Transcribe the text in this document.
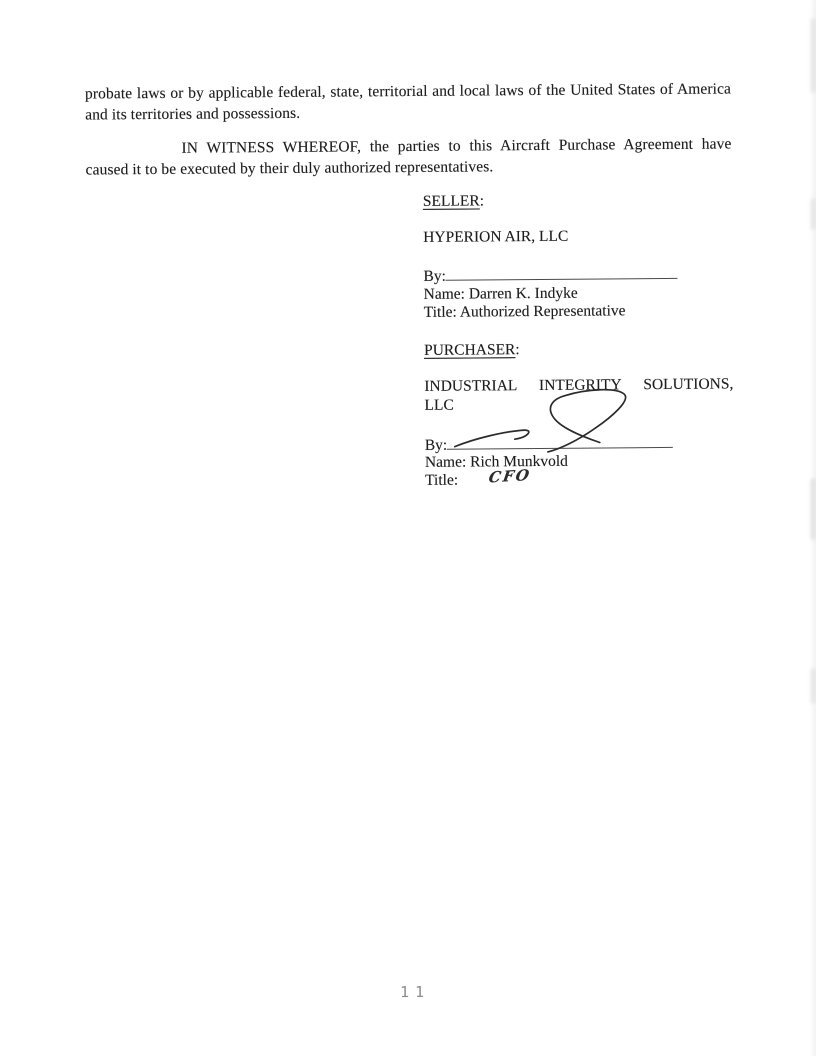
probate laws or by applicable federal, state, territorial and local laws of the United States of America
and its territories and possessions.
IN WITNESS WHEREOF, the parties to this Aircraft Purchase Agreement have
caused it to be executed by their duly authorized representatives.
SELLER:
HYPERION AIR, LLC
By:
Name: Darren K. Indyke
Title: Authorized Representative
PURCHASER:
INDUSTRIAL INTEGRITY SOLUTIONS,
LLC
By:
Name: Rich Munkvold
Title: CFO
11
